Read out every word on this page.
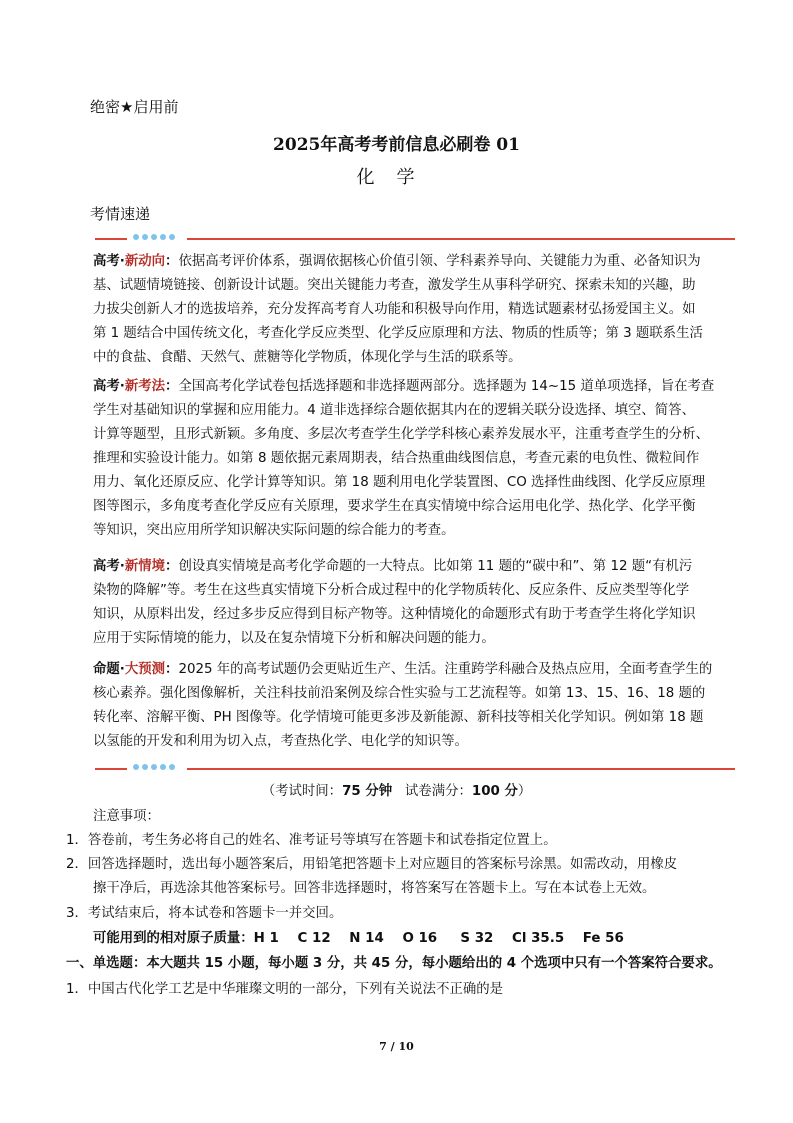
绝密★启用前
2025年高考考前信息必刷卷 01
化学
考情速递
高考·新动向：依据高考评价体系，强调依据核心价值引领、学科素养导向、关键能力为重、必备知识为
基、试题情境链接、创新设计试题。突出关键能力考查，激发学生从事科学研究、探索未知的兴趣，助
力拔尖创新人才的选拔培养，充分发挥高考育人功能和积极导向作用，精选试题素材弘扬爱国主义。如
第 1 题结合中国传统文化，考查化学反应类型、化学反应原理和方法、物质的性质等；第 3 题联系生活
中的食盐、食醋、天然气、蔗糖等化学物质，体现化学与生活的联系等。
高考·新考法：全国高考化学试卷包括选择题和非选择题两部分。选择题为 14~15 道单项选择，旨在考查
学生对基础知识的掌握和应用能力。4 道非选择综合题依据其内在的逻辑关联分设选择、填空、简答、
计算等题型，且形式新颖。多角度、多层次考查学生化学学科核心素养发展水平，注重考查学生的分析、
推理和实验设计能力。如第 8 题依据元素周期表，结合热重曲线图信息，考查元素的电负性、微粒间作
用力、氧化还原反应、化学计算等知识。第 18 题利用电化学装置图、CO 选择性曲线图、化学反应原理
图等图示，多角度考查化学反应有关原理，要求学生在真实情境中综合运用电化学、热化学、化学平衡
等知识，突出应用所学知识解决实际问题的综合能力的考查。
高考·新情境：创设真实情境是高考化学命题的一大特点。比如第 11 题的“碳中和”、第 12 题“有机污
染物的降解”等。考生在这些真实情境下分析合成过程中的化学物质转化、反应条件、反应类型等化学
知识，从原料出发，经过多步反应得到目标产物等。这种情境化的命题形式有助于考查学生将化学知识
应用于实际情境的能力，以及在复杂情境下分析和解决问题的能力。
命题·大预测：2025 年的高考试题仍会更贴近生产、生活。注重跨学科融合及热点应用，全面考查学生的
核心素养。强化图像解析，关注科技前沿案例及综合性实验与工艺流程等。如第 13、15、16、18 题的
转化率、溶解平衡、PH 图像等。化学情境可能更多涉及新能源、新科技等相关化学知识。例如第 18 题
以氢能的开发和利用为切入点，考查热化学、电化学的知识等。
（考试时间：75 分钟   试卷满分：100 分）
注意事项：
1．答卷前，考生务必将自己的姓名、准考证号等填写在答题卡和试卷指定位置上。
2．回答选择题时，选出每小题答案后，用铅笔把答题卡上对应题目的答案标号涂黑。如需改动，用橡皮
擦干净后，再选涂其他答案标号。回答非选择题时，将答案写在答题卡上。写在本试卷上无效。
3．考试结束后，将本试卷和答题卡一并交回。
可能用到的相对原子质量：H 1    C 12    N 14    O 16     S 32    Cl 35.5    Fe 56
一、单选题：本大题共 15 小题，每小题 3 分，共 45 分，每小题给出的 4 个选项中只有一个答案符合要求。
1．中国古代化学工艺是中华璀璨文明的一部分，下列有关说法不正确的是
7 / 10
